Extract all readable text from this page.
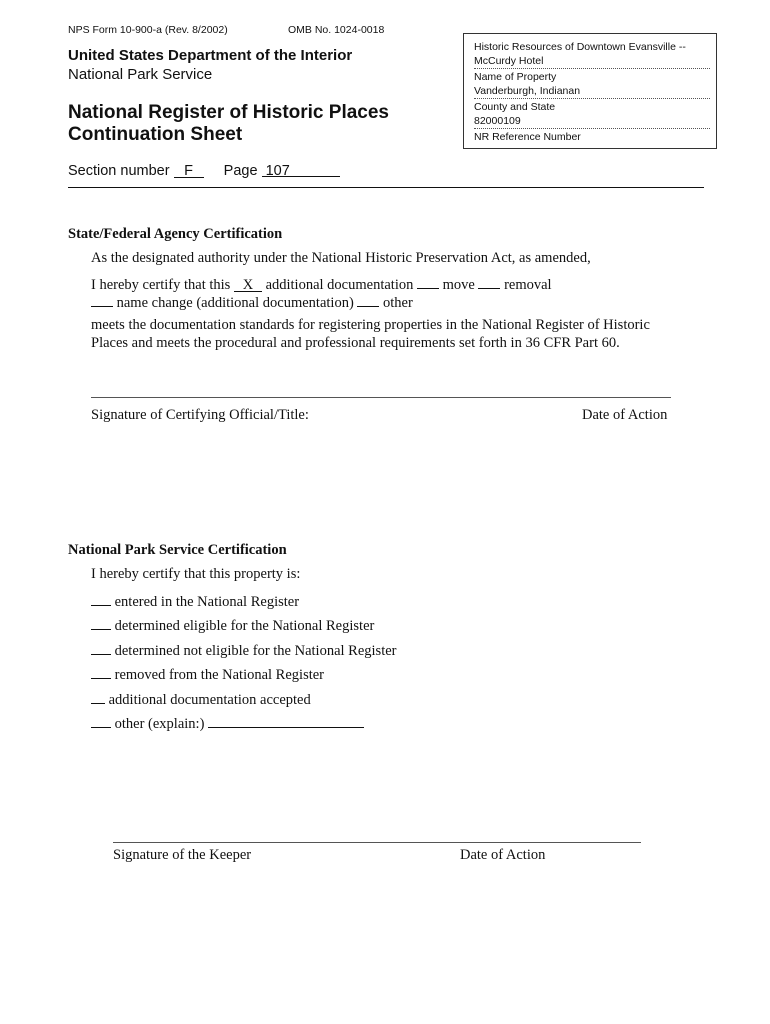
NPS Form 10-900-a (Rev. 8/2002)	OMB No. 1024-0018
United States Department of the Interior
National Park Service
National Register of Historic Places
Continuation Sheet
Historic Resources of Downtown Evansville --
McCurdy Hotel
Name of Property
Vanderburgh, Indianan
County and State
82000109
NR Reference Number
Section number F Page 107
State/Federal Agency Certification
As the designated authority under the National Historic Preservation Act, as amended,
I hereby certify that this X additional documentation move removal
name change (additional documentation) other
meets the documentation standards for registering properties in the National Register of Historic
Places and meets the procedural and professional requirements set forth in 36 CFR Part 60.
Signature of Certifying Official/Title:	Date of Action
National Park Service Certification
I hereby certify that this property is:
entered in the National Register
determined eligible for the National Register
determined not eligible for the National Register
removed from the National Register
additional documentation accepted
other (explain:)
Signature of the Keeper	Date of Action
